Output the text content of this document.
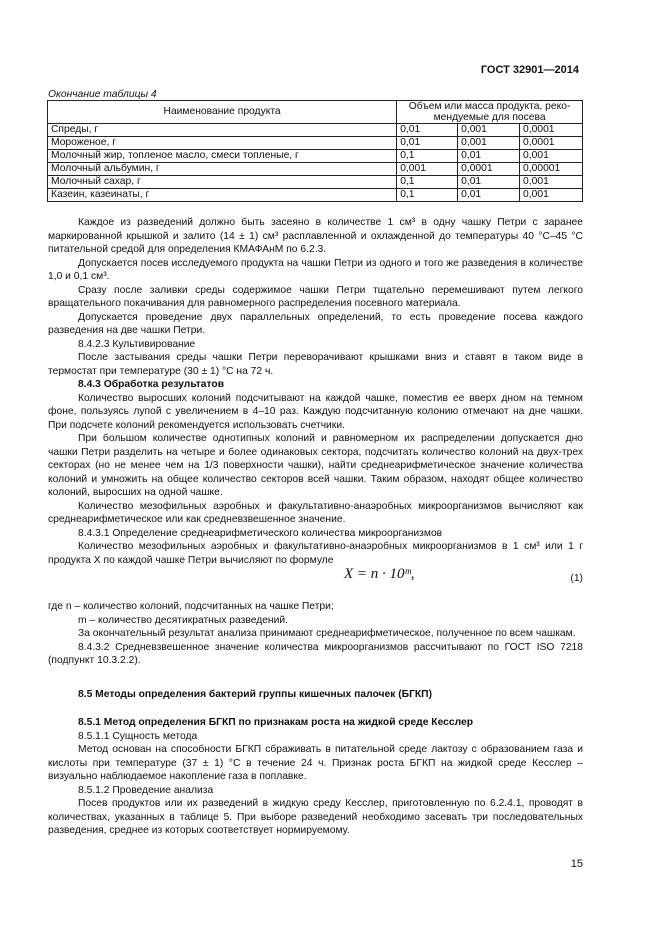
ГОСТ 32901—2014
Окончание таблицы 4
Наименование продукта	Объем или масса продукта, реко-
мендуемые для посева		
Спреды, г	0,01	0,001	0,0001
Мороженое, г	0,01	0,001	0,0001
Молочный жир, топленое масло, смеси топленые, г	0,1	0,01	0,001
Молочный альбумин, г	0,001	0,0001	0,00001
Молочный сахар, г	0,1	0,01	0,001
Казеин, казеинаты, г	0,1	0,01	0,001

Каждое из разведений должно быть засеяно в количестве 1 см³ в одну чашку Петри с заранее маркированной крышкой и залито (14 ± 1) см³ расплавленной и охлажденной до температуры 40 °С–45 °С питательной средой для определения КМАФАнМ по 6.2.3.

Допускается посев исследуемого продукта на чашки Петри из одного и того же разведения в количестве 1,0 и 0,1 см³.

Сразу после заливки среды содержимое чашки Петри тщательно перемешивают путем легкого вращательного покачивания для равномерного распределения посевного материала.

Допускается проведение двух параллельных определений, то есть проведение посева каждого разведения на две чашки Петри.

8.4.2.3 Культивирование

После застывания среды чашки Петри переворачивают крышками вниз и ставят в таком виде в термостат при температуре (30 ± 1) °С на 72 ч.

8.4.3 Обработка результатов

Количество выросших колоний подсчитывают на каждой чашке, поместив ее вверх дном на темном фоне, пользуясь лупой с увеличением в 4–10 раз. Каждую подсчитанную колонию отмечают на дне чашки. При подсчете колоний рекомендуется использовать счетчики.

При большом количестве однотипных колоний и равномерном их распределении допускается дно чашки Петри разделить на четыре и более одинаковых сектора, подсчитать количество колоний на двух-трех секторах (но не менее чем на 1/3 поверхности чашки), найти среднеарифметическое значение количества колоний и умножить на общее количество секторов всей чашки. Таким образом, находят общее количество колоний, выросших на одной чашке.

Количество мезофильных аэробных и факультативно-анаэробных микроорганизмов вычисляют как среднеарифметическое или как средневзвешенное значение.

8.4.3.1 Определение среднеарифметического количества микроорганизмов

Количество мезофильных аэробных и факультативно-анаэробных микроорганизмов в 1 см³ или 1 г продукта X по каждой чашке Петри вычисляют по формуле

X = n · 10ᵐ,	(1)

где n – количество колоний, подсчитанных на чашке Петри;

m – количество десятикратных разведений.

За окончательный результат анализа принимают среднеарифметическое, полученное по всем чашкам.

8.4.3.2 Средневзвешенное значение количества микроорганизмов рассчитывают по ГОСТ ISO 7218 (подпункт 10.3.2.2).

8.5 Методы определения бактерий группы кишечных палочек (БГКП)

8.5.1 Метод определения БГКП по признакам роста на жидкой среде Кесслер

8.5.1.1 Сущность метода

Метод основан на способности БГКП сбраживать в питательной среде лактозу с образованием газа и кислоты при температуре (37 ± 1) °С в течение 24 ч. Признак роста БГКП на жидкой среде Кесслер – визуально наблюдаемое накопление газа в поплавке.

8.5.1.2 Проведение анализа

Посев продуктов или их разведений в жидкую среду Кесслер, приготовленную по 6.2.4.1, проводят в количествах, указанных в таблице 5. При выборе разведений необходимо засевать три последовательных разведения, среднее из которых соответствует нормируемому.

15
